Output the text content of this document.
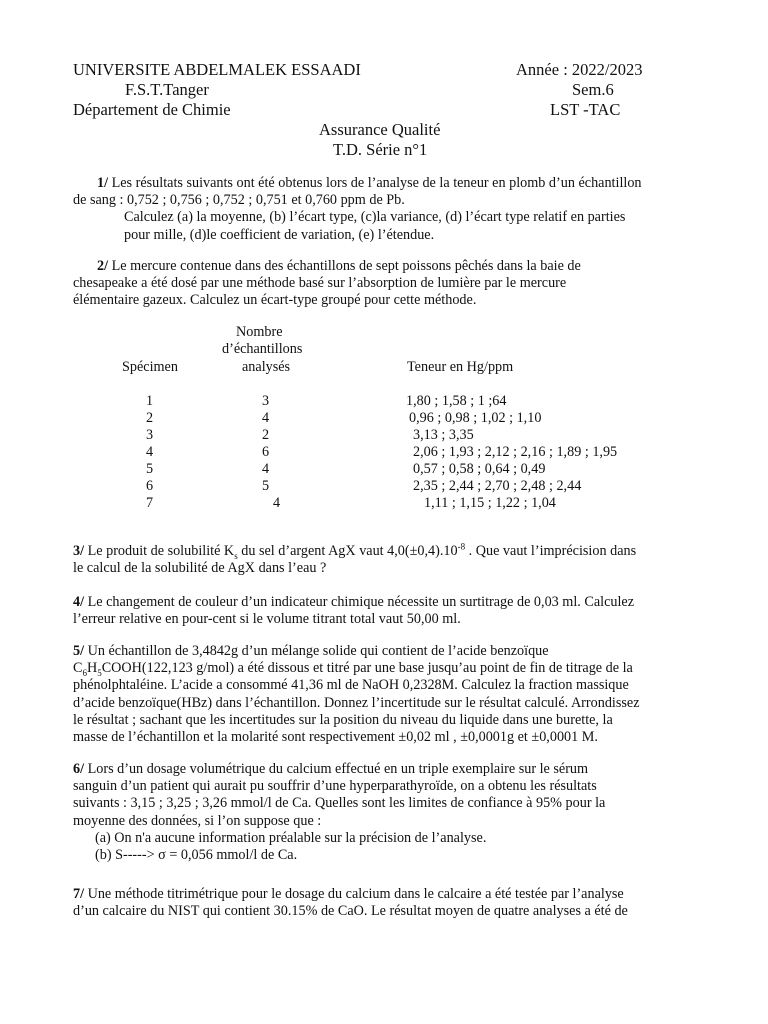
UNIVERSITE ABDELMALEK ESSAADI
F.S.T.Tanger
Département de Chimie
Année : 2022/2023
Sem.6
LST -TAC
Assurance Qualité
T.D. Série n°1
1/ Les résultats suivants ont été obtenus lors de l’analyse de la teneur en plomb d’un échantillon
de sang : 0,752 ; 0,756 ; 0,752 ; 0,751 et 0,760 ppm de Pb.
Calculez (a) la moyenne, (b) l’écart type, (c)la variance, (d) l’écart type relatif en parties
pour mille, (d)le coefficient de variation, (e) l’étendue.
2/ Le mercure contenue dans des échantillons de sept poissons pêchés dans la baie de
chesapeake a été dosé par une méthode basé sur l’absorption de lumière par le mercure
élémentaire gazeux. Calculez un écart-type groupé pour cette méthode.
Nombre
d’échantillons
Spécimen	analysés	Teneur en Hg/ppm
1	3	1,80 ; 1,58 ; 1 ;64
2	4	0,96 ; 0,98 ; 1,02 ; 1,10
3	2	3,13 ; 3,35
4	6	2,06 ; 1,93 ; 2,12 ; 2,16 ; 1,89 ; 1,95
5	4	0,57 ; 0,58 ; 0,64 ; 0,49
6	5	2,35 ; 2,44 ; 2,70 ; 2,48 ; 2,44
7	4	1,11 ; 1,15 ; 1,22 ; 1,04
3/ Le produit de solubilité $K_s$ du sel d’argent AgX vaut $4,0(\pm 0,4).10^{-8}$ . Que vaut l’imprécision dans
le calcul de la solubilité de AgX dans l’eau ?
4/ Le changement de couleur d’un indicateur chimique nécessite un surtitrage de 0,03 ml. Calculez
l’erreur relative en pour-cent si le volume titrant total vaut 50,00 ml.
5/ Un échantillon de 3,4842g d’un mélange solide qui contient de l’acide benzoïque
$C_6H_5COOH(122,123$ g/mol) a été dissous et titré par une base jusqu’au point de fin de titrage de la
phénolphtaléine. L’acide a consommé 41,36 ml de NaOH 0,2328M. Calculez la fraction massique
d’acide benzoïque(HBz) dans l’échantillon. Donnez l’incertitude sur le résultat calculé. Arrondissez
le résultat ; sachant que les incertitudes sur la position du niveau du liquide dans une burette, la
masse de l’échantillon et la molarité sont respectivement ±0,02 ml , ±0,0001g et ±0,0001 M.
6/ Lors d’un dosage volumétrique du calcium effectué en un triple exemplaire sur le sérum
sanguin d’un patient qui aurait pu souffrir d’une hyperparathyroïde, on a obtenu les résultats
suivants : 3,15 ; 3,25 ; 3,26 mmol/l de Ca. Quelles sont les limites de confiance à 95% pour la
moyenne des données, si l’on suppose que :
(a) On n'a aucune information préalable sur la précision de l’analyse.
(b) S-----> σ = 0,056 mmol/l de Ca.
7/ Une méthode titrimétrique pour le dosage du calcium dans le calcaire a été testée par l’analyse
d’un calcaire du NIST qui contient 30.15% de CaO. Le résultat moyen de quatre analyses a été de
